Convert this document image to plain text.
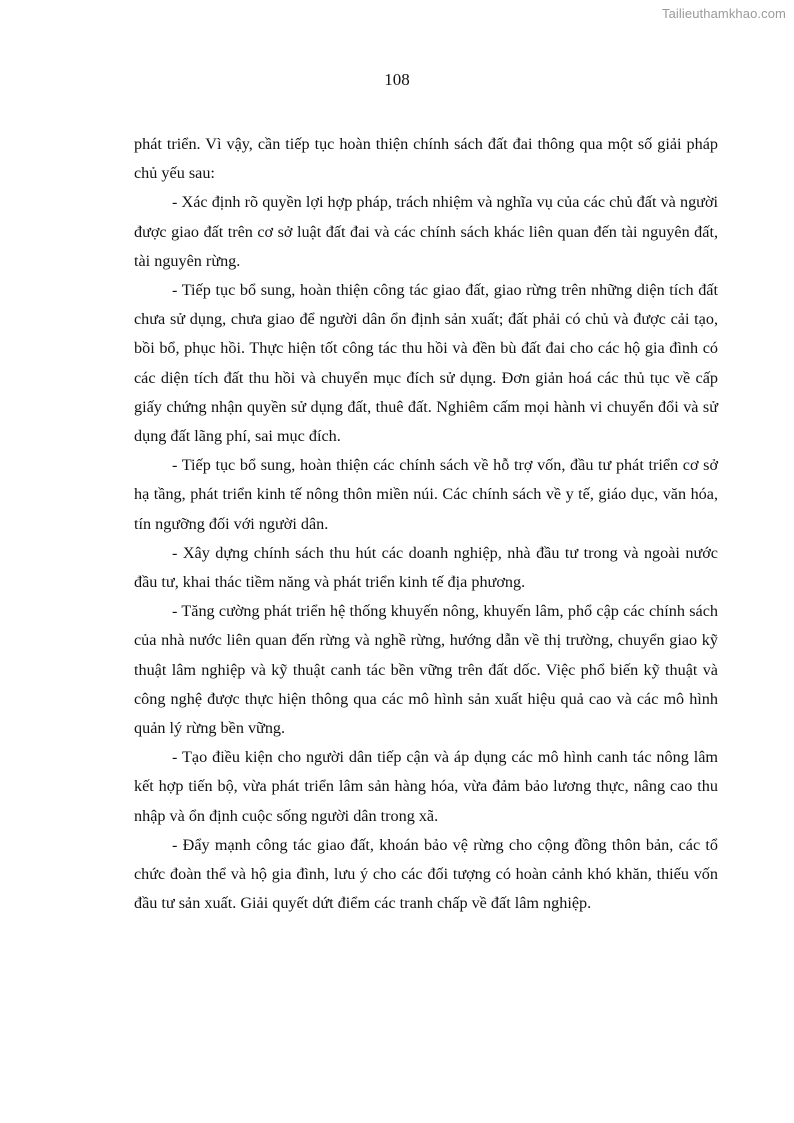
Tailieuthamkhao.com
108

phát triển. Vì vậy, cần tiếp tục hoàn thiện chính sách đất đai thông qua một số giải pháp chủ yếu sau:

- Xác định rõ quyền lợi hợp pháp, trách nhiệm và nghĩa vụ của các chủ đất và người được giao đất trên cơ sở luật đất đai và các chính sách khác liên quan đến tài nguyên đất, tài nguyên rừng.

- Tiếp tục bổ sung, hoàn thiện công tác giao đất, giao rừng trên những diện tích đất chưa sử dụng, chưa giao để người dân ổn định sản xuất; đất phải có chủ và được cải tạo, bồi bổ, phục hồi. Thực hiện tốt công tác thu hồi và đền bù đất đai cho các hộ gia đình có các diện tích đất thu hồi và chuyển mục đích sử dụng. Đơn giản hoá các thủ tục về cấp giấy chứng nhận quyền sử dụng đất, thuê đất. Nghiêm cấm mọi hành vi chuyển đổi và sử dụng đất lãng phí, sai mục đích.

- Tiếp tục bổ sung, hoàn thiện các chính sách về hỗ trợ vốn, đầu tư phát triển cơ sở hạ tầng, phát triển kinh tế nông thôn miền núi. Các chính sách về y tế, giáo dục, văn hóa, tín ngưỡng đối với người dân.

- Xây dựng chính sách thu hút các doanh nghiệp, nhà đầu tư trong và ngoài nước đầu tư, khai thác tiềm năng và phát triển kinh tế địa phương.

- Tăng cường phát triển hệ thống khuyến nông, khuyến lâm, phổ cập các chính sách của nhà nước liên quan đến rừng và nghề rừng, hướng dẫn về thị trường, chuyển giao kỹ thuật lâm nghiệp và kỹ thuật canh tác bền vững trên đất dốc. Việc phổ biến kỹ thuật và công nghệ được thực hiện thông qua các mô hình sản xuất hiệu quả cao và các mô hình quản lý rừng bền vững.

- Tạo điều kiện cho người dân tiếp cận và áp dụng các mô hình canh tác nông lâm kết hợp tiến bộ, vừa phát triển lâm sản hàng hóa, vừa đảm bảo lương thực, nâng cao thu nhập và ổn định cuộc sống người dân trong xã.

- Đẩy mạnh công tác giao đất, khoán bảo vệ rừng cho cộng đồng thôn bản, các tổ chức đoàn thể và hộ gia đình, lưu ý cho các đối tượng có hoàn cảnh khó khăn, thiếu vốn đầu tư sản xuất. Giải quyết dứt điểm các tranh chấp về đất lâm nghiệp.
